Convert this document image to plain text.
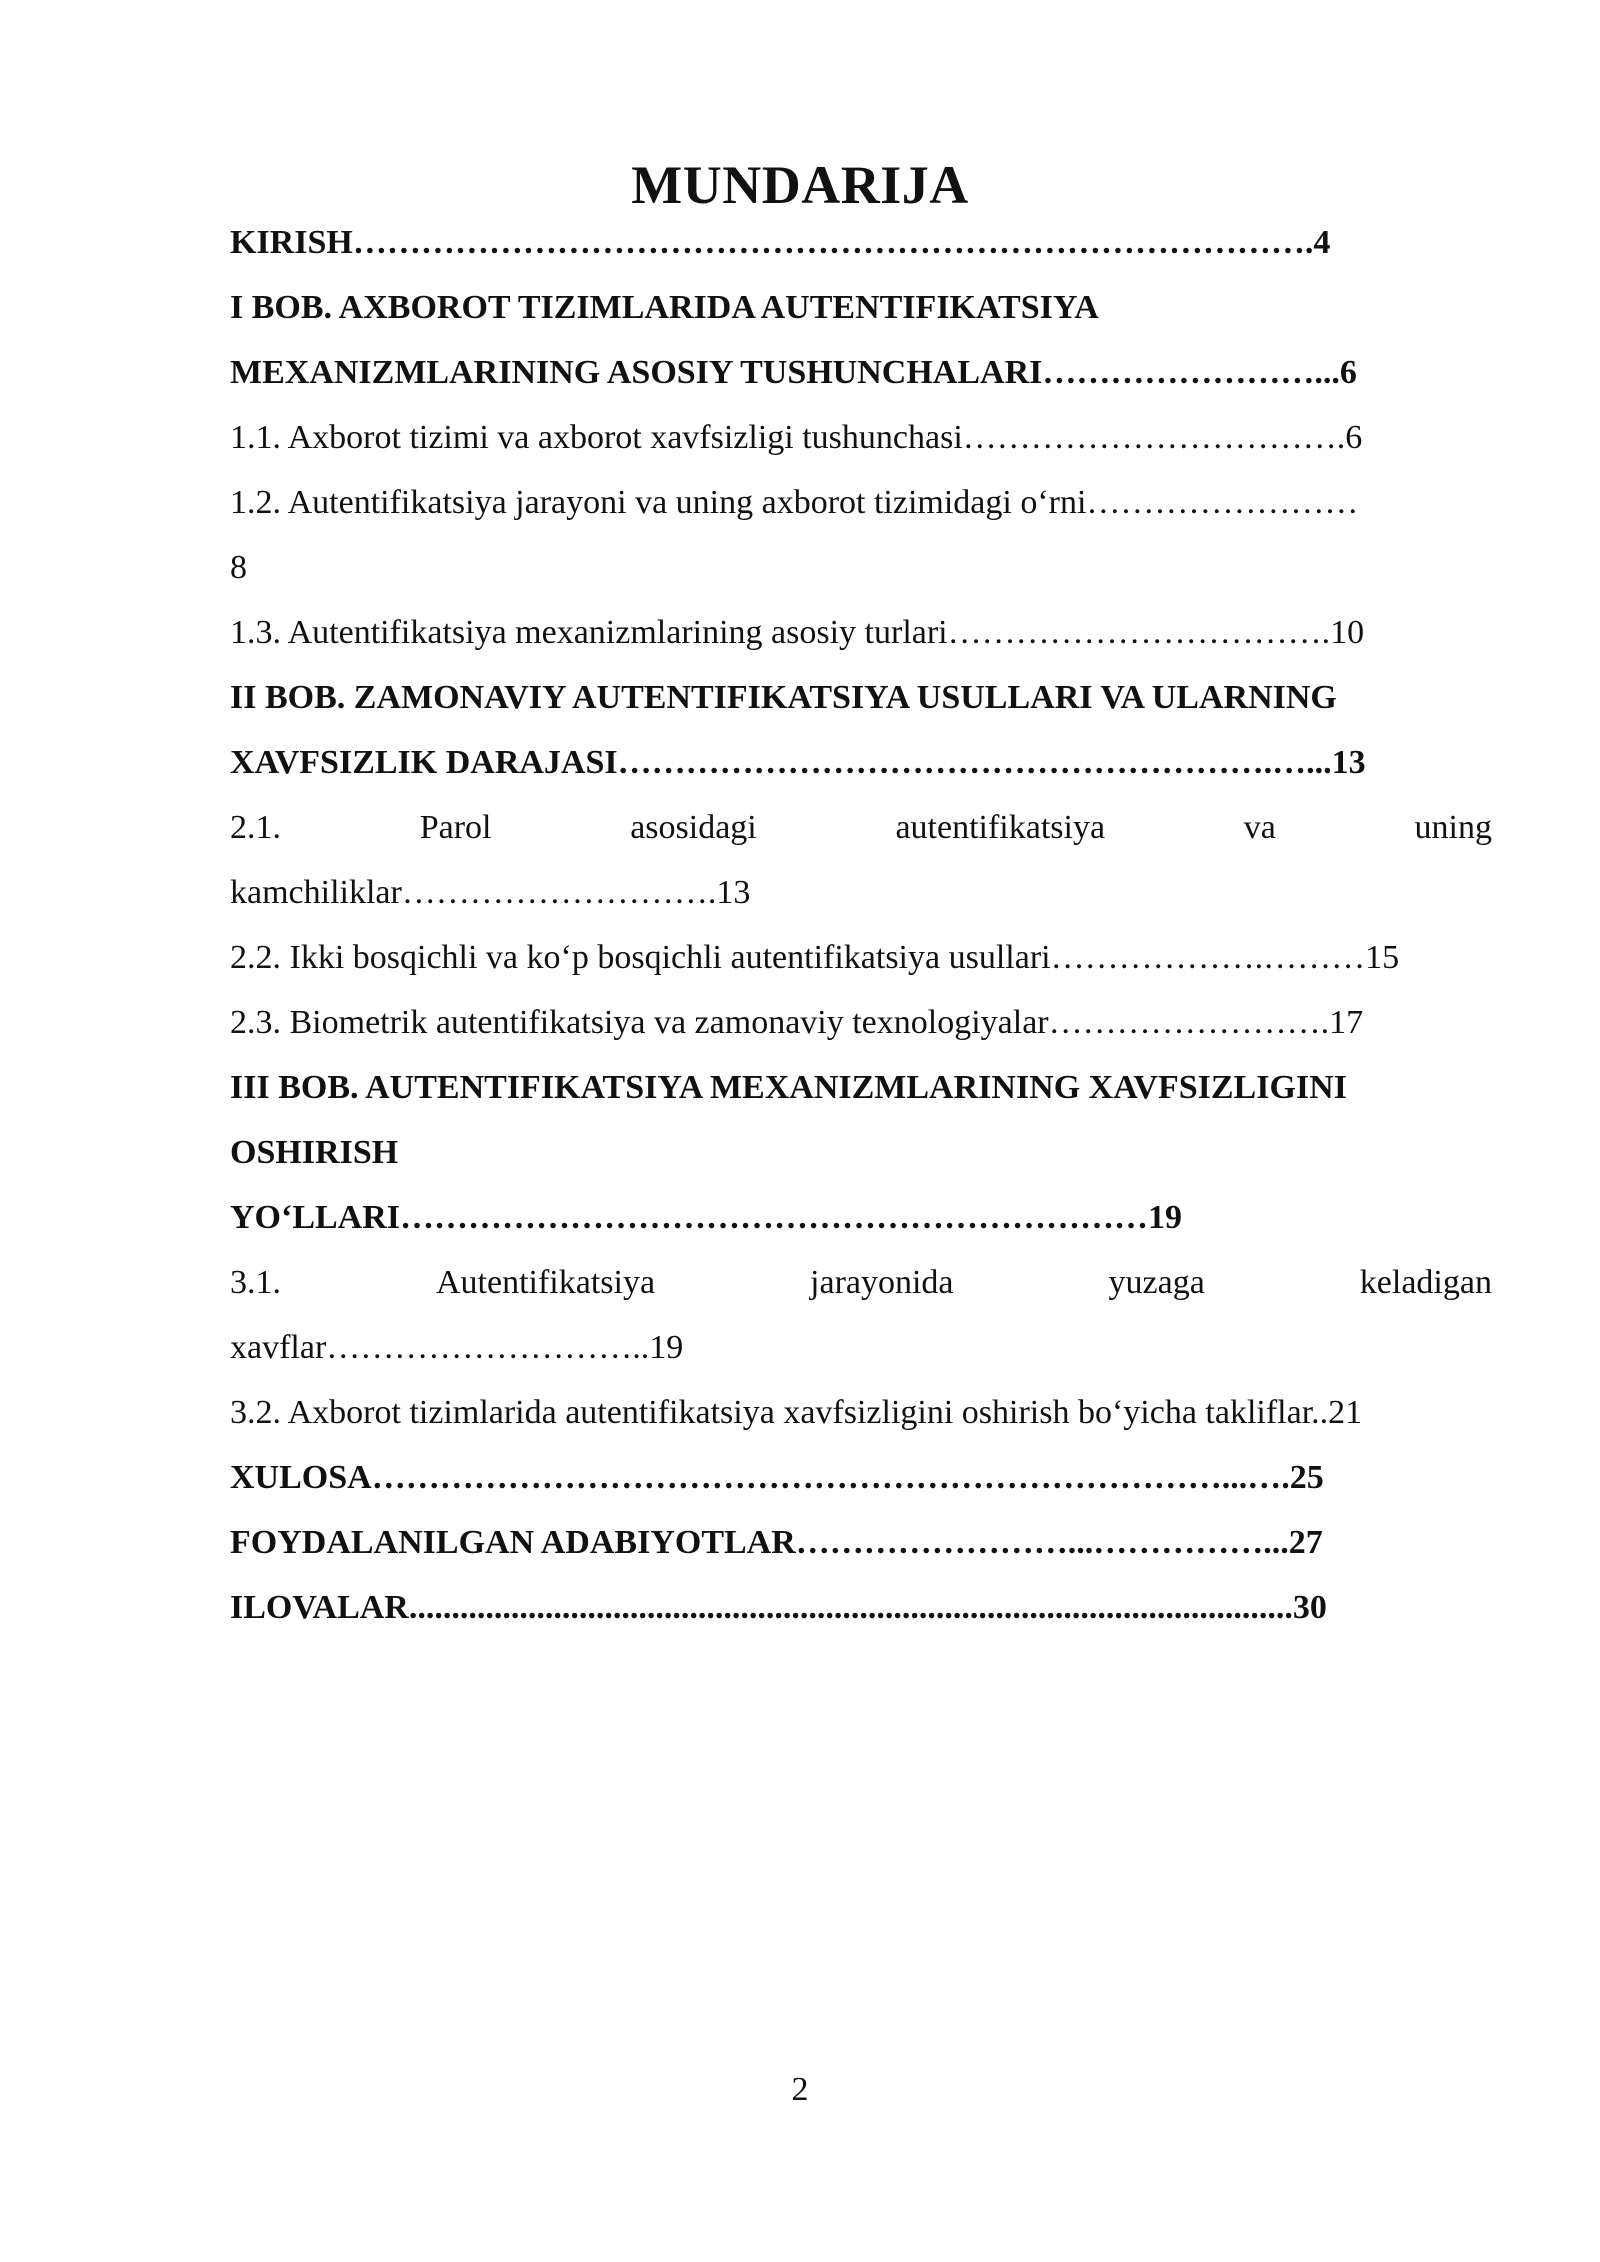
MUNDARIJA
KIRISH………………………………………………………………………….4
I BOB. AXBOROT TIZIMLARIDA AUTENTIFIKATSIYA
MEXANIZMLARINING ASOSIY TUSHUNCHALARI……………………...6
1.1. Axborot tizimi va axborot xavfsizligi tushunchasi…………………………….6
1.2. Autentifikatsiya jarayoni va uning axborot tizimidagi o‘rni……………………
8
1.3. Autentifikatsiya mexanizmlarining asosiy turlari…………………………….10
II BOB. ZAMONAVIY AUTENTIFIKATSIYA USULLARI VA ULARNING
XAVFSIZLIK DARAJASI………………………………………………….…...13
2.1.	Parol	asosidagi	autentifikatsiya	va	uning
kamchiliklar……………………….13
2.2. Ikki bosqichli va ko‘p bosqichli autentifikatsiya usullari……………….………15
2.3. Biometrik autentifikatsiya va zamonaviy texnologiyalar…………………….17
III BOB. AUTENTIFIKATSIYA MEXANIZMLARINING XAVFSIZLIGINI
OSHIRISH
YO‘LLARI…………………………………………………………19
3.1.	Autentifikatsiya	jarayonida	yuzaga	keladigan
xavflar………………………..19
3.2. Axborot tizimlarida autentifikatsiya xavfsizligini oshirish bo‘yicha takliflar..21
XULOSA…………………………………………………………………...….25
FOYDALANILGAN ADABIYOTLAR……………………...……………...27
ILOVALAR........................................................................................................30
2
